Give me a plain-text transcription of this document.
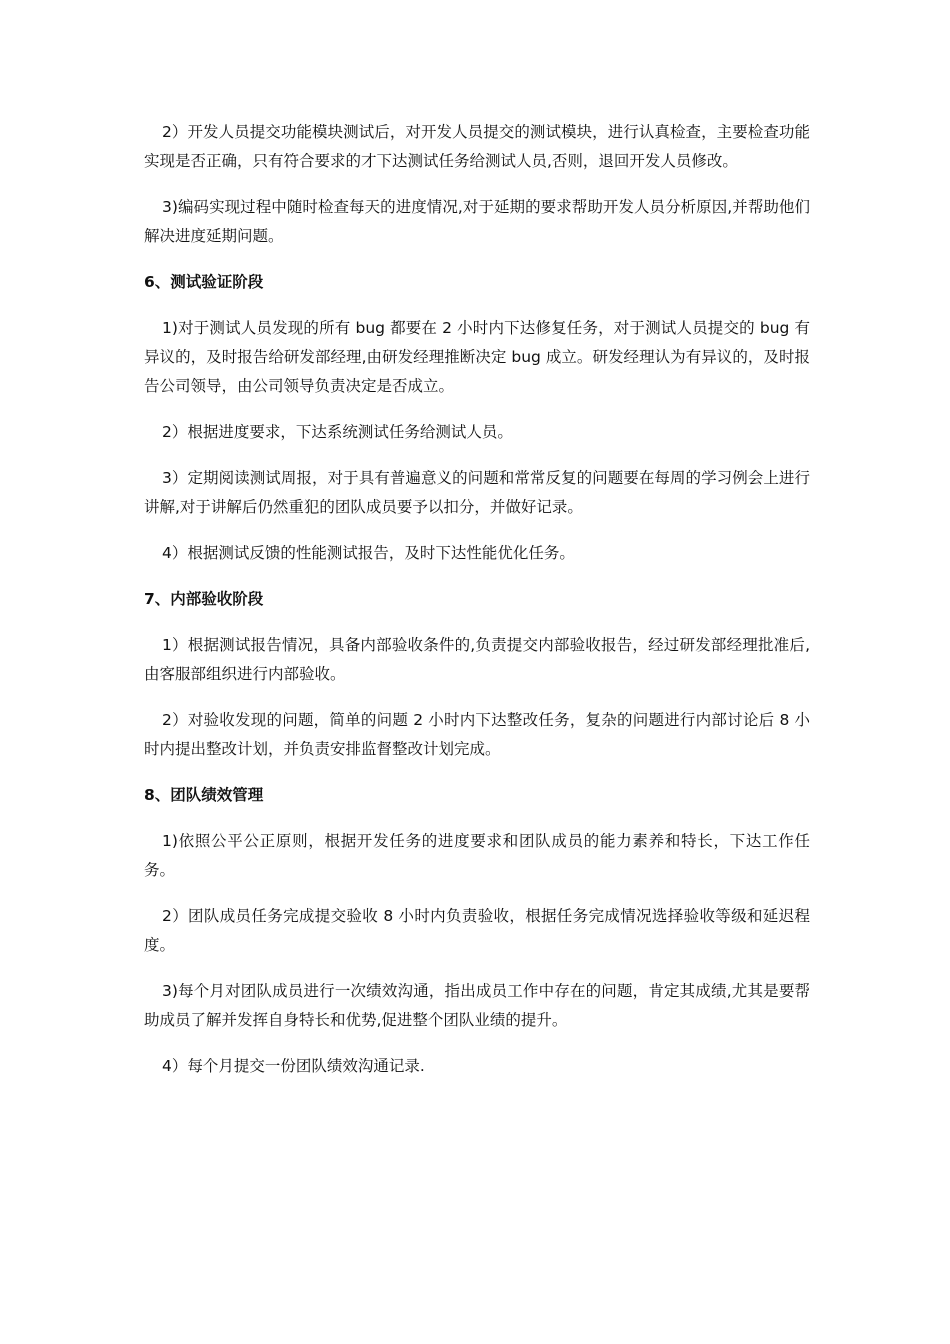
2）开发人员提交功能模块测试后，对开发人员提交的测试模块，进行认真检查，主要检查功能实现是否正确，只有符合要求的才下达测试任务给测试人员,否则，退回开发人员修改。

3)编码实现过程中随时检查每天的进度情况,对于延期的要求帮助开发人员分析原因,并帮助他们解决进度延期问题。

6、测试验证阶段

1)对于测试人员发现的所有 bug 都要在 2 小时内下达修复任务，对于测试人员提交的 bug 有异议的，及时报告给研发部经理,由研发经理推断决定 bug 成立。研发经理认为有异议的，及时报告公司领导，由公司领导负责决定是否成立。

2）根据进度要求，下达系统测试任务给测试人员。

3）定期阅读测试周报，对于具有普遍意义的问题和常常反复的问题要在每周的学习例会上进行讲解,对于讲解后仍然重犯的团队成员要予以扣分，并做好记录。

4）根据测试反馈的性能测试报告，及时下达性能优化任务。

7、内部验收阶段

1）根据测试报告情况，具备内部验收条件的,负责提交内部验收报告，经过研发部经理批准后,由客服部组织进行内部验收。

2）对验收发现的问题，简单的问题 2 小时内下达整改任务，复杂的问题进行内部讨论后 8 小时内提出整改计划，并负责安排监督整改计划完成。

8、团队绩效管理

1)依照公平公正原则，根据开发任务的进度要求和团队成员的能力素养和特长，下达工作任务。

2）团队成员任务完成提交验收 8 小时内负责验收，根据任务完成情况选择验收等级和延迟程度。

3)每个月对团队成员进行一次绩效沟通，指出成员工作中存在的问题，肯定其成绩,尤其是要帮助成员了解并发挥自身特长和优势,促进整个团队业绩的提升。

4）每个月提交一份团队绩效沟通记录.
